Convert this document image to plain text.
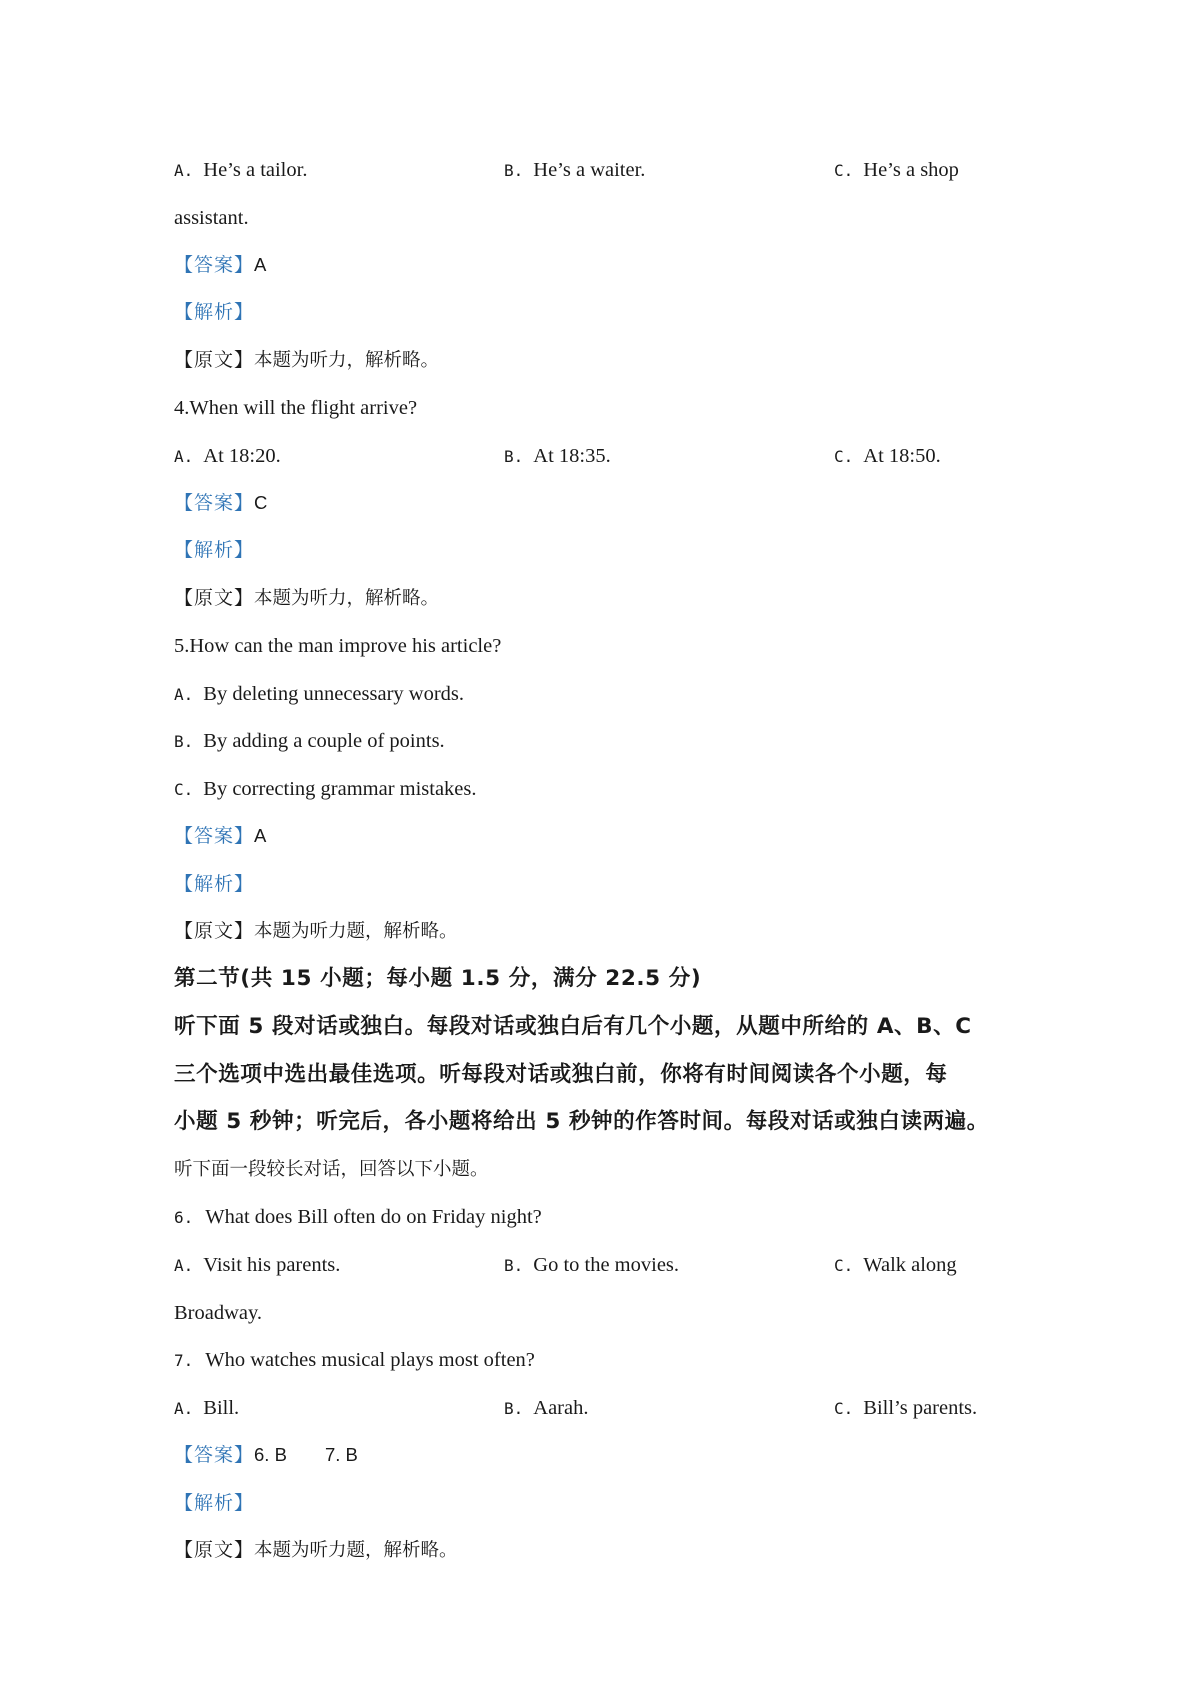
A. He’s a tailor.	B. He’s a waiter.	C. He’s a shop
assistant.
【答案】A
【解析】
【原文】本题为听力，解析略。
4.When will the flight arrive?
A. At 18:20.	B. At 18:35.	C. At 18:50.
【答案】C
【解析】
【原文】本题为听力，解析略。
5.How can the man improve his article?
A. By deleting unnecessary words.
B. By adding a couple of points.
C. By correcting grammar mistakes.
【答案】A
【解析】
【原文】本题为听力题，解析略。
第二节(共 15 小题；每小题 1.5 分，满分 22.5 分)
听下面 5 段对话或独白。每段对话或独白后有几个小题，从题中所给的 A、B、C
三个选项中选出最佳选项。听每段对话或独白前，你将有时间阅读各个小题，每
小题 5 秒钟；听完后，各小题将给出 5 秒钟的作答时间。每段对话或独白读两遍。
听下面一段较长对话，回答以下小题。
6. What does Bill often do on Friday night?
A. Visit his parents.	B. Go to the movies.	C. Walk along
Broadway.
7. Who watches musical plays most often?
A. Bill.	B. Aarah.	C. Bill’s parents.
【答案】6. B 7. B
【解析】
【原文】本题为听力题，解析略。
